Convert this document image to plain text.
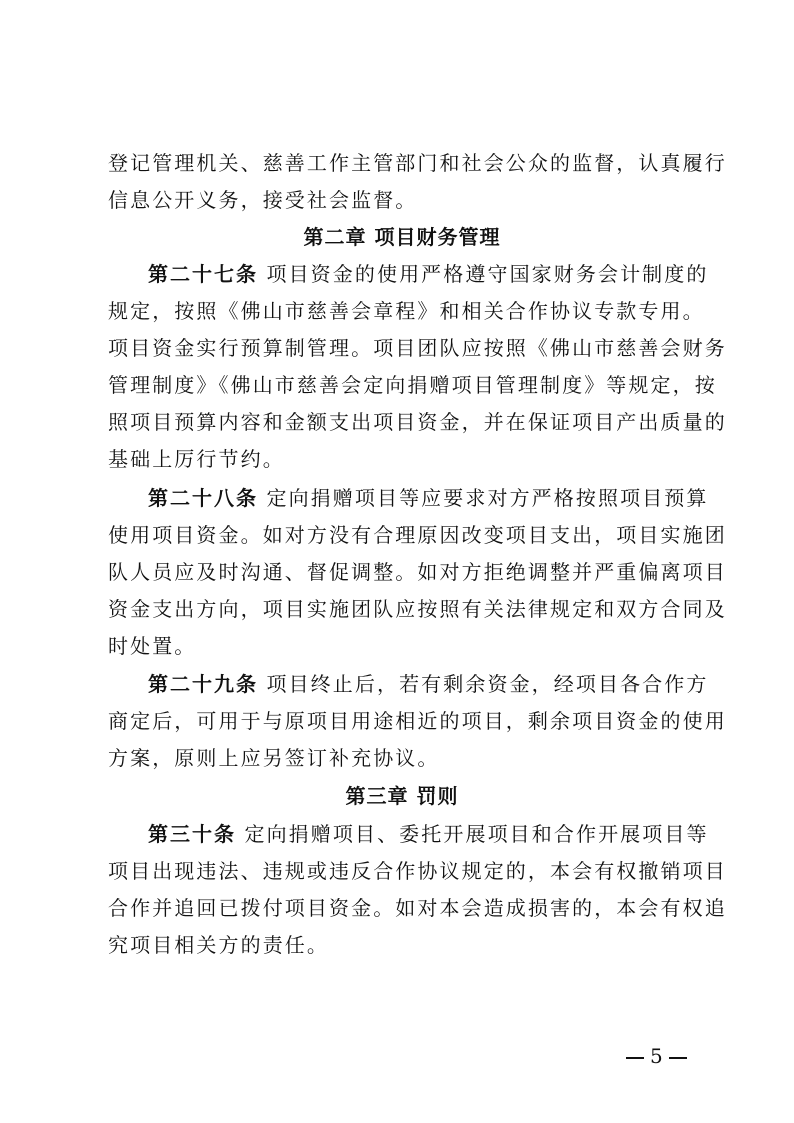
登记管理机关、慈善工作主管部门和社会公众的监督，认真履行
信息公开义务，接受社会监督。
第二章 项目财务管理
第二十七条 项目资金的使用严格遵守国家财务会计制度的
规定，按照《佛山市慈善会章程》和相关合作协议专款专用。
项目资金实行预算制管理。项目团队应按照《佛山市慈善会财务
管理制度》《佛山市慈善会定向捐赠项目管理制度》等规定，按
照项目预算内容和金额支出项目资金，并在保证项目产出质量的
基础上厉行节约。
第二十八条 定向捐赠项目等应要求对方严格按照项目预算
使用项目资金。如对方没有合理原因改变项目支出，项目实施团
队人员应及时沟通、督促调整。如对方拒绝调整并严重偏离项目
资金支出方向，项目实施团队应按照有关法律规定和双方合同及
时处置。
第二十九条 项目终止后，若有剩余资金，经项目各合作方
商定后，可用于与原项目用途相近的项目，剩余项目资金的使用
方案，原则上应另签订补充协议。
第三章 罚则
第三十条 定向捐赠项目、委托开展项目和合作开展项目等
项目出现违法、违规或违反合作协议规定的，本会有权撤销项目
合作并追回已拨付项目资金。如对本会造成损害的，本会有权追
究项目相关方的责任。
5
